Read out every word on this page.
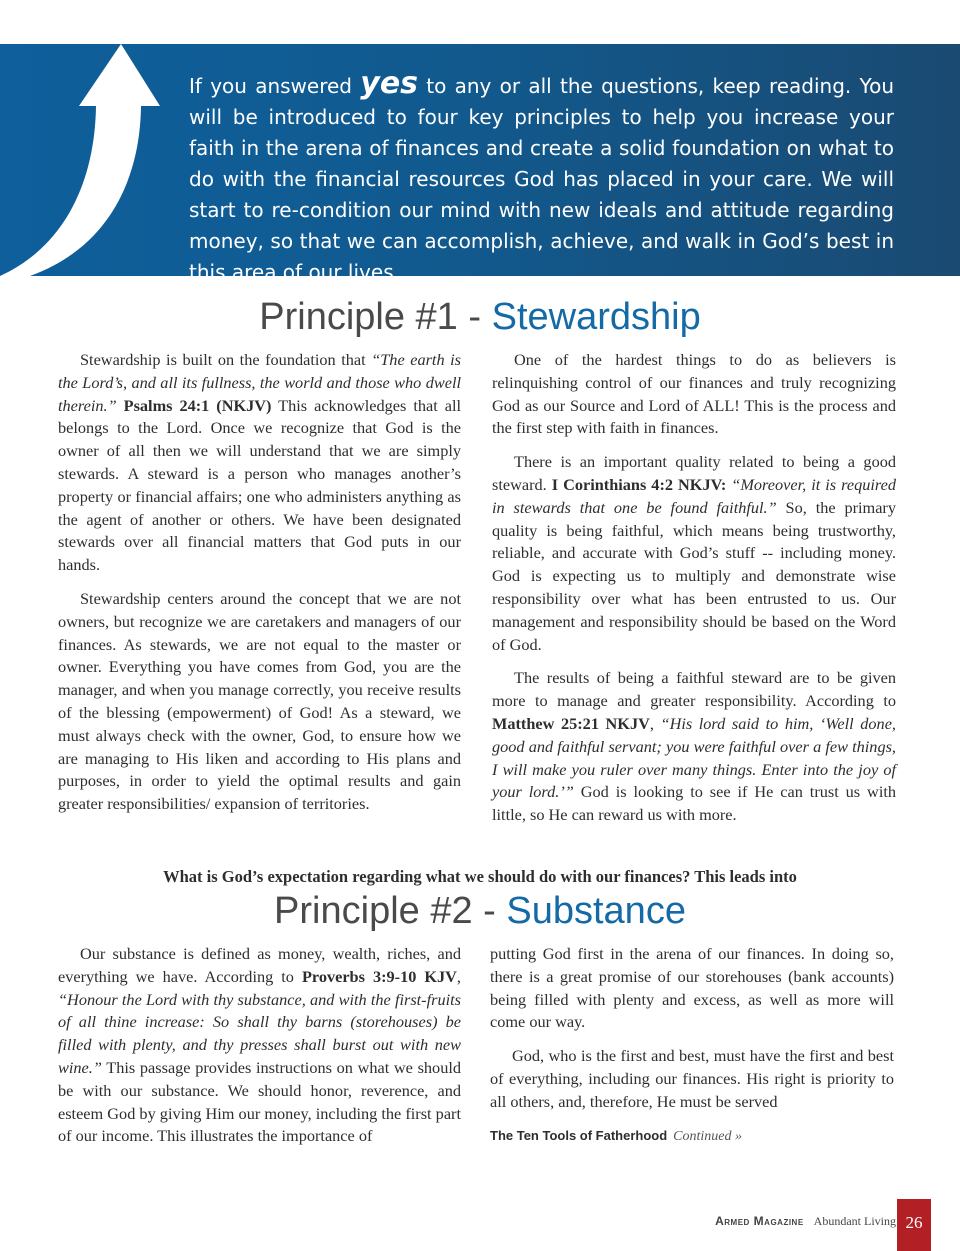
If you answered yes to any or all the questions, keep reading. You will be introduced to four key principles to help you increase your faith in the arena of finances and create a solid foundation on what to do with the financial resources God has placed in your care. We will start to re-condition our mind with new ideals and attitude regarding money, so that we can accomplish, achieve, and walk in God’s best in this area of our lives.
Principle #1 - Stewardship

Stewardship is built on the foundation that “The earth is the Lord’s, and all its fullness, the world and those who dwell therein.” Psalms 24:1 (NKJV) This acknowledges that all belongs to the Lord. Once we recognize that God is the owner of all then we will understand that we are simply stewards. A steward is a person who manages another’s property or financial affairs; one who administers anything as the agent of another or others. We have been designated stewards over all financial matters that God puts in our hands.

Stewardship centers around the concept that we are not owners, but recognize we are caretakers and managers of our finances. As stewards, we are not equal to the master or owner. Everything you have comes from God, you are the manager, and when you manage correctly, you receive results of the blessing (empowerment) of God! As a steward, we must always check with the owner, God, to ensure how we are managing to His liken and according to His plans and purposes, in order to yield the optimal results and gain greater responsibilities/ expansion of territories.

One of the hardest things to do as believers is relinquishing control of our finances and truly recognizing God as our Source and Lord of ALL! This is the process and the first step with faith in finances.

There is an important quality related to being a good steward. I Corinthians 4:2 NKJV: “Moreover, it is required in stewards that one be found faithful.” So, the primary quality is being faithful, which means being trustworthy, reliable, and accurate with God’s stuff -- including money. God is expecting us to multiply and demonstrate wise responsibility over what has been entrusted to us. Our management and responsibility should be based on the Word of God.

The results of being a faithful steward are to be given more to manage and greater responsibility. According to Matthew 25:21 NKJV, “His lord said to him, ‘Well done, good and faithful servant; you were faithful over a few things, I will make you ruler over many things. Enter into the joy of your lord.’” God is looking to see if He can trust us with little, so He can reward us with more.

What is God’s expectation regarding what we should do with our finances? This leads into
Principle #2 - Substance

Our substance is defined as money, wealth, riches, and everything we have. According to Proverbs 3:9-10 KJV, “Honour the Lord with thy substance, and with the first-fruits of all thine increase: So shall thy barns (storehouses) be filled with plenty, and thy presses shall burst out with new wine.” This passage provides instructions on what we should be with our substance. We should honor, reverence, and esteem God by giving Him our money, including the first part of our income. This illustrates the importance of

putting God first in the arena of our finances. In doing so, there is a great promise of our storehouses (bank accounts) being filled with plenty and excess, as well as more will come our way.

God, who is the first and best, must have the first and best of everything, including our finances. His right is priority to all others, and, therefore, He must be served

The Ten Tools of Fatherhood Continued »
Armed Magazine Abundant Living 26
